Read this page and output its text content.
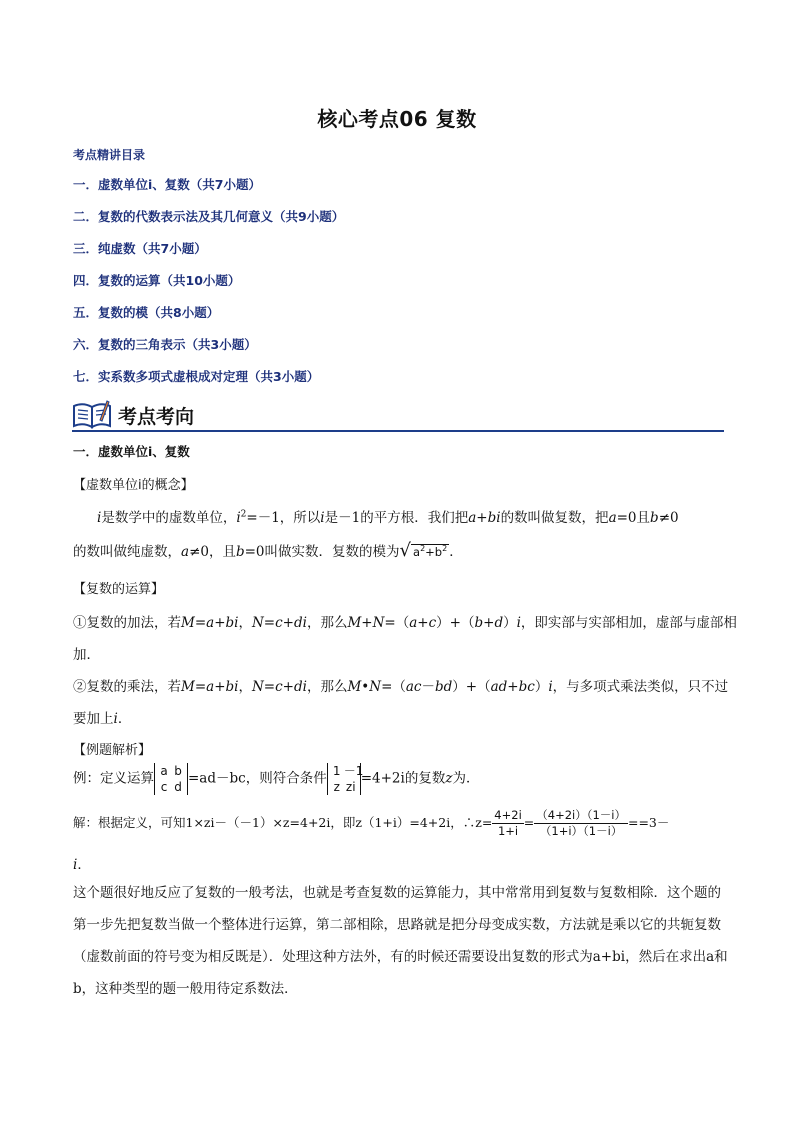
核心考点06 复数
考点精讲目录
一．虚数单位i、复数（共7小题）
二．复数的代数表示法及其几何意义（共9小题）
三．纯虚数（共7小题）
四．复数的运算（共10小题）
五．复数的模（共8小题）
六．复数的三角表示（共3小题）
七．实系数多项式虚根成对定理（共3小题）
考点考向
一．虚数单位i、复数
【虚数单位i的概念】
i是数学中的虚数单位，$i^2=-1$，所以i是－1的平方根．我们把a+bi的数叫做复数，把a=0且b≠0
的数叫做纯虚数，a≠0，且b=0叫做实数．复数的模为√ $a^2+b^2$ ．
【复数的运算】
①复数的加法，若M=a+bi，N=c+di，那么M+N=（a+c）+（b+d）i，即实部与实部相加，虚部与虚部相
加．
②复数的乘法，若M=a+bi，N=c+di，那么M•N=（ac－bd）+（ad+bc）i，与多项式乘法类似，只不过
要加上i．
【例题解析】
例：定义运算 a b
c d=ad－bc，则符合条件 1 －1
z zi=4+2i的复数z为．
解：根据定义，可知1×zi－（－1）×z=4+2i，即z（1+i）=4+2i，∴z= $\frac{4+2i}{1+i} = \frac{(4+2i)(1-i)}{(1+i)(1-i)} ==3-$
i．
这个题很好地反应了复数的一般考法，也就是考查复数的运算能力，其中常常用到复数与复数相除．这个题的第一步先把复数当做一个整体进行运算，第二部相除，思路就是把分母变成实数，方法就是乘以它的共轭复数（虚数前面的符号变为相反既是）．处理这种方法外，有的时候还需要设出复数的形式为a+bi，然后在求出a和b，这种类型的题一般用待定系数法．
